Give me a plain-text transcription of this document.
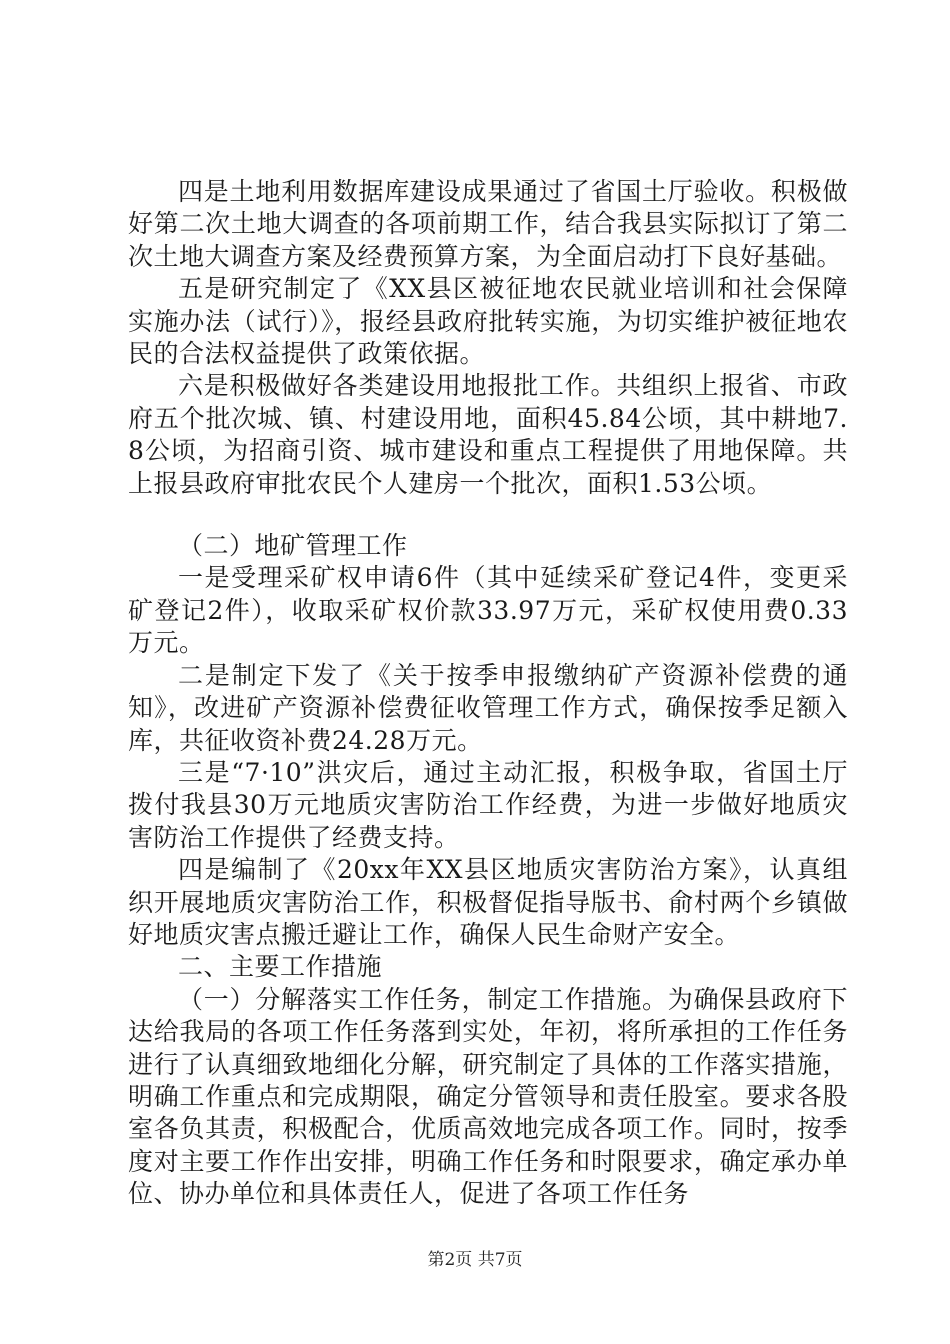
四是土地利用数据库建设成果通过了省国土厅验收。积极做好第二次土地大调查的各项前期工作，结合我县实际拟订了第二次土地大调查方案及经费预算方案，为全面启动打下良好基础。

五是研究制定了《XX县区被征地农民就业培训和社会保障实施办法（试行）》，报经县政府批转实施，为切实维护被征地农民的合法权益提供了政策依据。

六是积极做好各类建设用地报批工作。共组织上报省、市政府五个批次城、镇、村建设用地，面积45.84公顷，其中耕地7.8公顷，为招商引资、城市建设和重点工程提供了用地保障。共上报县政府审批农民个人建房一个批次，面积1.53公顷。

（二）地矿管理工作

一是受理采矿权申请6件（其中延续采矿登记4件，变更采矿登记2件），收取采矿权价款33.97万元，采矿权使用费0.33万元。

二是制定下发了《关于按季申报缴纳矿产资源补偿费的通知》，改进矿产资源补偿费征收管理工作方式，确保按季足额入库，共征收资补费24.28万元。

三是“7·10”洪灾后，通过主动汇报，积极争取，省国土厅拨付我县30万元地质灾害防治工作经费，为进一步做好地质灾害防治工作提供了经费支持。

四是编制了《20xx年XX县区地质灾害防治方案》，认真组织开展地质灾害防治工作，积极督促指导版书、俞村两个乡镇做好地质灾害点搬迁避让工作，确保人民生命财产安全。

二、主要工作措施

（一）分解落实工作任务，制定工作措施。为确保县政府下达给我局的各项工作任务落到实处，年初，将所承担的工作任务进行了认真细致地细化分解，研究制定了具体的工作落实措施，明确工作重点和完成期限，确定分管领导和责任股室。要求各股室各负其责，积极配合，优质高效地完成各项工作。同时，按季度对主要工作作出安排，明确工作任务和时限要求，确定承办单位、协办单位和具体责任人，促进了各项工作任务

第2页 共7页
